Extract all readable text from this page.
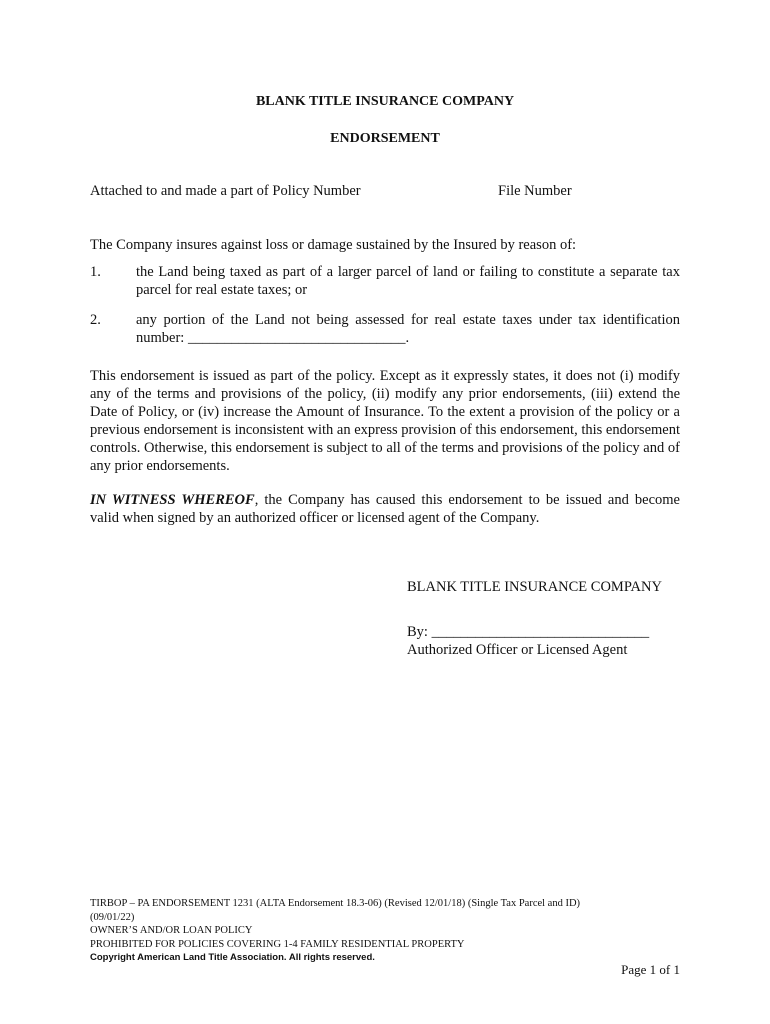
BLANK TITLE INSURANCE COMPANY
ENDORSEMENT
Attached to and made a part of Policy Number	File Number
The Company insures against loss or damage sustained by the Insured by reason of:
1.	the Land being taxed as part of a larger parcel of land or failing to constitute a separate tax parcel for real estate taxes; or
2.	any portion of the Land not being assessed for real estate taxes under tax identification number: ______________________________.
This endorsement is issued as part of the policy. Except as it expressly states, it does not (i) modify any of the terms and provisions of the policy, (ii) modify any prior endorsements, (iii) extend the Date of Policy, or (iv) increase the Amount of Insurance. To the extent a provision of the policy or a previous endorsement is inconsistent with an express provision of this endorsement, this endorsement controls. Otherwise, this endorsement is subject to all of the terms and provisions of the policy and of any prior endorsements.
IN WITNESS WHEREOF, the Company has caused this endorsement to be issued and become valid when signed by an authorized officer or licensed agent of the Company.
BLANK TITLE INSURANCE COMPANY
By: ______________________________
Authorized Officer or Licensed Agent
TIRBOP – PA ENDORSEMENT 1231 (ALTA Endorsement 18.3-06) (Revised 12/01/18) (Single Tax Parcel and ID)
(09/01/22)
OWNER’S AND/OR LOAN POLICY
PROHIBITED FOR POLICIES COVERING 1-4 FAMILY RESIDENTIAL PROPERTY
Copyright American Land Title Association. All rights reserved.
Page 1 of 1
